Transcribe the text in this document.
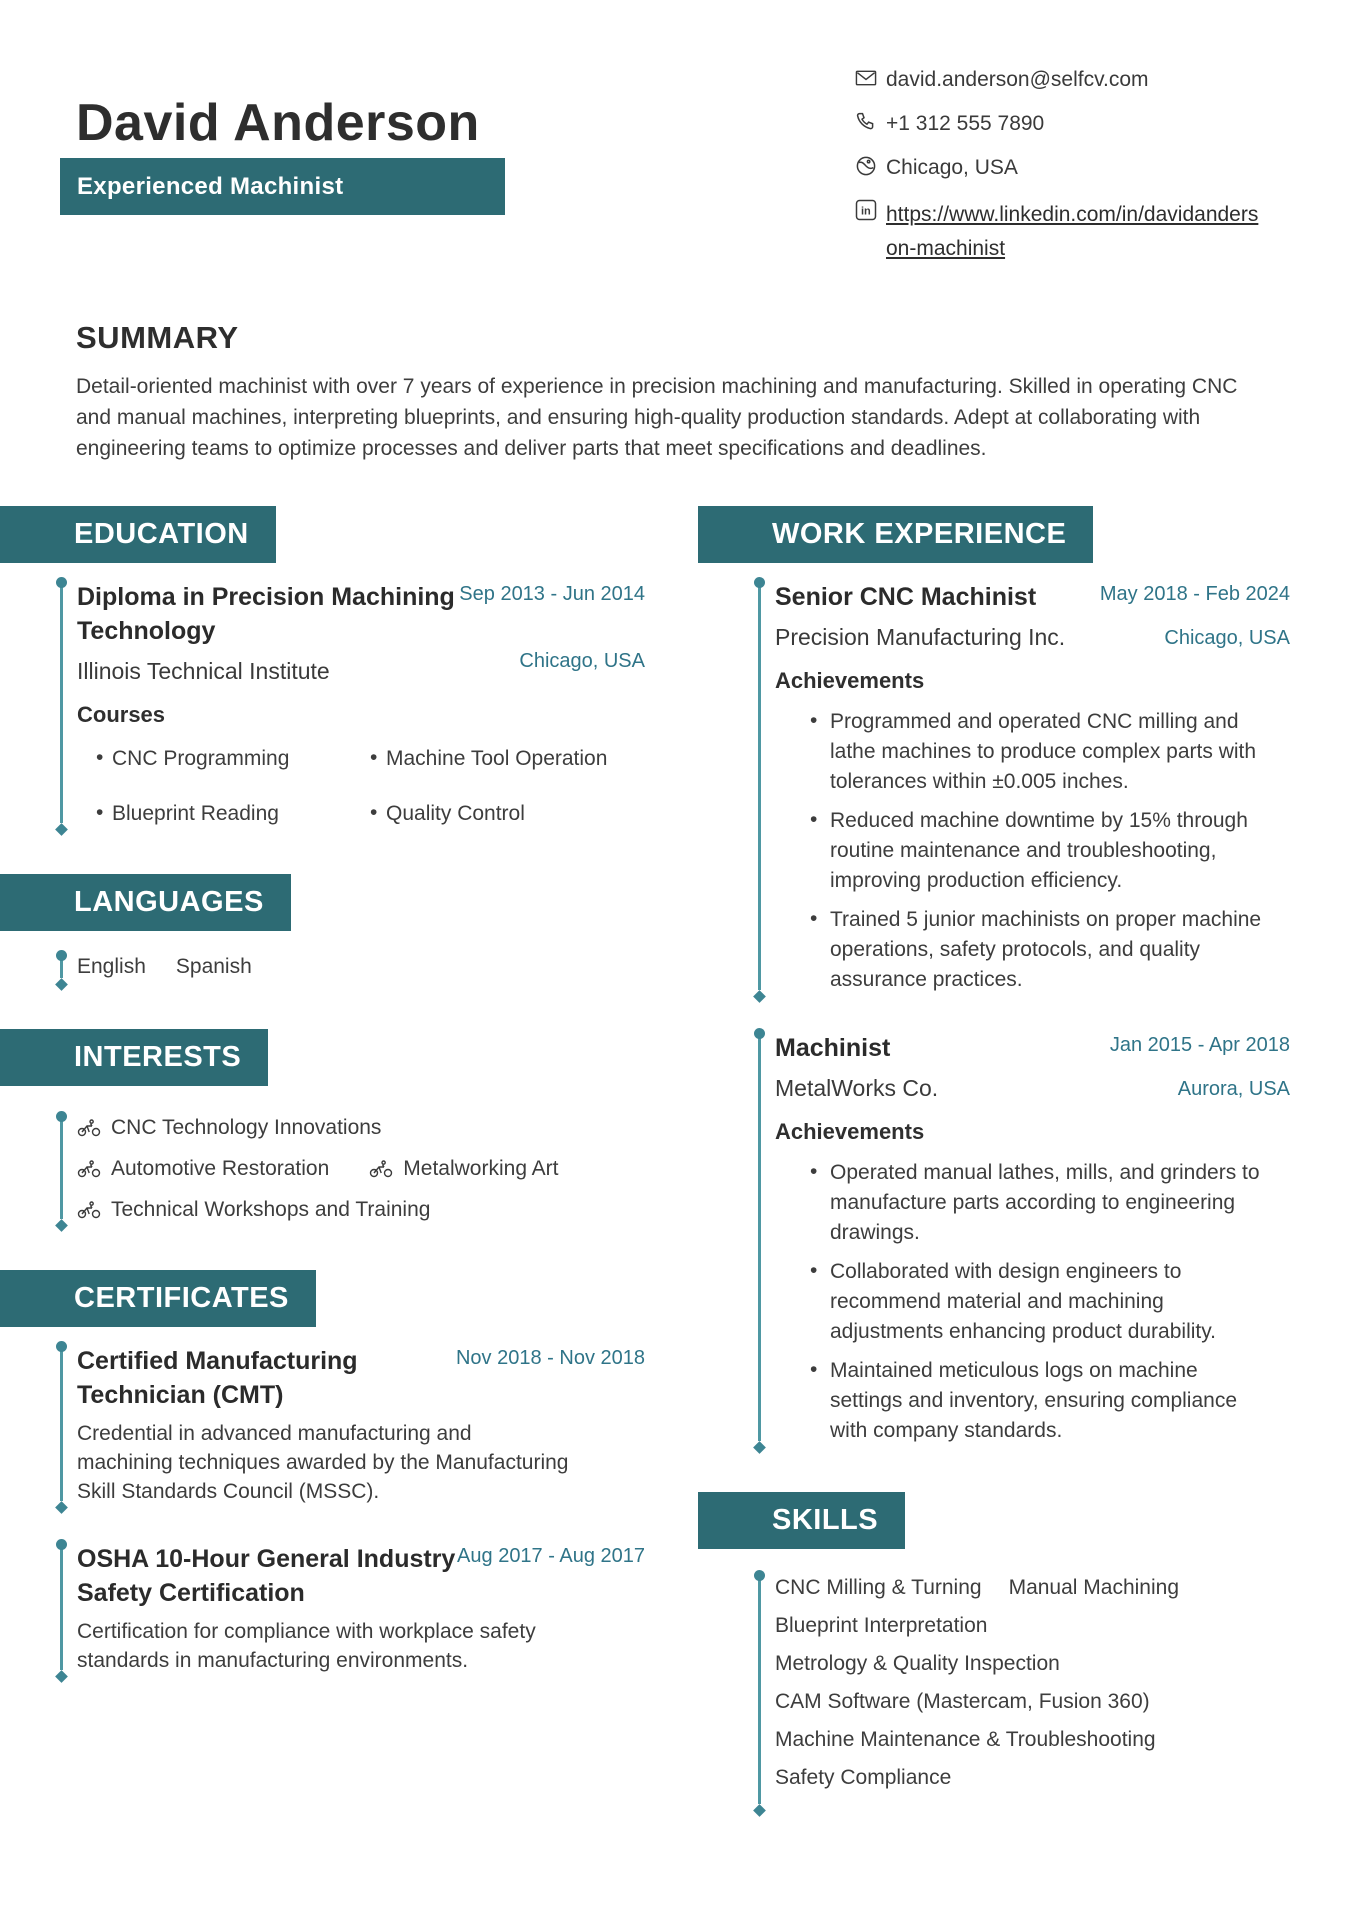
David Anderson
Experienced Machinist
david.anderson@selfcv.com
+1 312 555 7890
Chicago, USA
in https://www.linkedin.com/in/davidanderson-machinist
SUMMARY

Detail-oriented machinist with over 7 years of experience in precision machining and manufacturing. Skilled in operating CNC and manual machines, interpreting blueprints, and ensuring high-quality production standards. Adept at collaborating with engineering teams to optimize processes and deliver parts that meet specifications and deadlines.

EDUCATION
Diploma in Precision Machining Technology
Sep 2013 - Jun 2014
Chicago, USA
Illinois Technical Institute
Courses
• CNC Programming	• Machine Tool Operation
• Blueprint Reading	• Quality Control
LANGUAGES
English Spanish
INTERESTS
CNC Technology Innovations
Automotive Restoration	Metalworking Art
Technical Workshops and Training
CERTIFICATES
Certified Manufacturing Technician (CMT)
Nov 2018 - Nov 2018

Credential in advanced manufacturing and machining techniques awarded by the Manufacturing Skill Standards Council (MSSC).

OSHA 10-Hour General Industry Safety Certification
Aug 2017 - Aug 2017

Certification for compliance with workplace safety standards in manufacturing environments.

WORK EXPERIENCE
Senior CNC Machinist	May 2018 - Feb 2024
Chicago, USA
Precision Manufacturing Inc.
Achievements
• Programmed and operated CNC milling and lathe machines to produce complex parts with tolerances within ±0.005 inches.
• Reduced machine downtime by 15% through routine maintenance and troubleshooting, improving production efficiency.
• Trained 5 junior machinists on proper machine operations, safety protocols, and quality assurance practices.
Machinist	Jan 2015 - Apr 2018
Aurora, USA
MetalWorks Co.
Achievements
• Operated manual lathes, mills, and grinders to manufacture parts according to engineering drawings.
• Collaborated with design engineers to recommend material and machining adjustments enhancing product durability.
• Maintained meticulous logs on machine settings and inventory, ensuring compliance with company standards.
SKILLS
CNC Milling & Turning Manual Machining
Blueprint Interpretation
Metrology & Quality Inspection
CAM Software (Mastercam, Fusion 360)
Machine Maintenance & Troubleshooting
Safety Compliance
